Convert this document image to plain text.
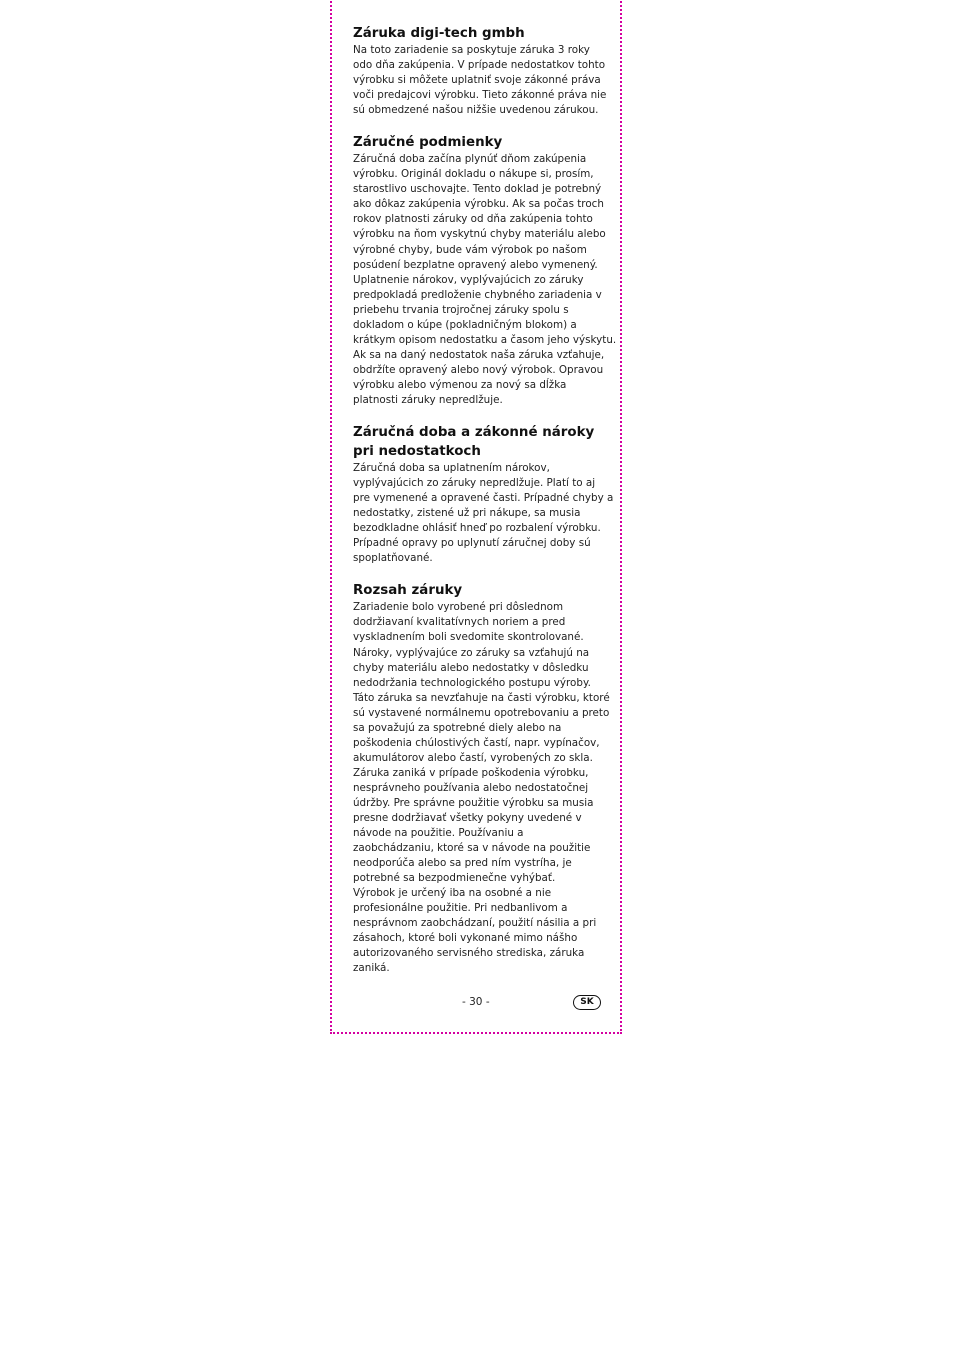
Záruka digi-tech gmbh
Na toto zariadenie sa poskytuje záruka 3 roky
odo dňa zakúpenia. V prípade nedostatkov tohto
výrobku si môžete uplatniť svoje zákonné práva
voči predajcovi výrobku. Tieto zákonné práva nie
sú obmedzené našou nižšie uvedenou zárukou.
Záručné podmienky
Záručná doba začína plynúť dňom zakúpenia
výrobku. Originál dokladu o nákupe si, prosím,
starostlivo uschovajte. Tento doklad je potrebný
ako dôkaz zakúpenia výrobku. Ak sa počas troch
rokov platnosti záruky od dňa zakúpenia tohto
výrobku na ňom vyskytnú chyby materiálu alebo
výrobné chyby, bude vám výrobok po našom
posúdení bezplatne opravený alebo vymenený.
Uplatnenie nárokov, vyplývajúcich zo záruky
predpokladá predloženie chybného zariadenia v
priebehu trvania trojročnej záruky spolu s
dokladom o kúpe (pokladničným blokom) a
krátkym opisom nedostatku a časom jeho výskytu.
Ak sa na daný nedostatok naša záruka vzťahuje,
obdržíte opravený alebo nový výrobok. Opravou
výrobku alebo výmenou za nový sa dĺžka
platnosti záruky nepredlžuje.
Záručná doba a zákonné nároky
pri nedostatkoch
Záručná doba sa uplatnením nárokov,
vyplývajúcich zo záruky nepredlžuje. Platí to aj
pre vymenené a opravené časti. Prípadné chyby a
nedostatky, zistené už pri nákupe, sa musia
bezodkladne ohlásiť hneď po rozbalení výrobku.
Prípadné opravy po uplynutí záručnej doby sú
spoplatňované.
Rozsah záruky
Zariadenie bolo vyrobené pri dôslednom
dodržiavaní kvalitatívnych noriem a pred
vyskladnením boli svedomite skontrolované.
Nároky, vyplývajúce zo záruky sa vzťahujú na
chyby materiálu alebo nedostatky v dôsledku
nedodržania technologického postupu výroby.
Táto záruka sa nevzťahuje na časti výrobku, ktoré
sú vystavené normálnemu opotrebovaniu a preto
sa považujú za spotrebné diely alebo na
poškodenia chúlostivých častí, napr. vypínačov,
akumulátorov alebo častí, vyrobených zo skla.
Záruka zaniká v prípade poškodenia výrobku,
nesprávneho používania alebo nedostatočnej
údržby. Pre správne použitie výrobku sa musia
presne dodržiavať všetky pokyny uvedené v
návode na použitie. Používaniu a
zaobchádzaniu, ktoré sa v návode na použitie
neodporúča alebo sa pred ním vystríha, je
potrebné sa bezpodmienečne vyhýbať.
Výrobok je určený iba na osobné a nie
profesionálne použitie. Pri nedbanlivom a
nesprávnom zaobchádzaní, použití násilia a pri
zásahoch, ktoré boli vykonané mimo nášho
autorizovaného servisného strediska, záruka
zaniká.
- 30 -	SK
